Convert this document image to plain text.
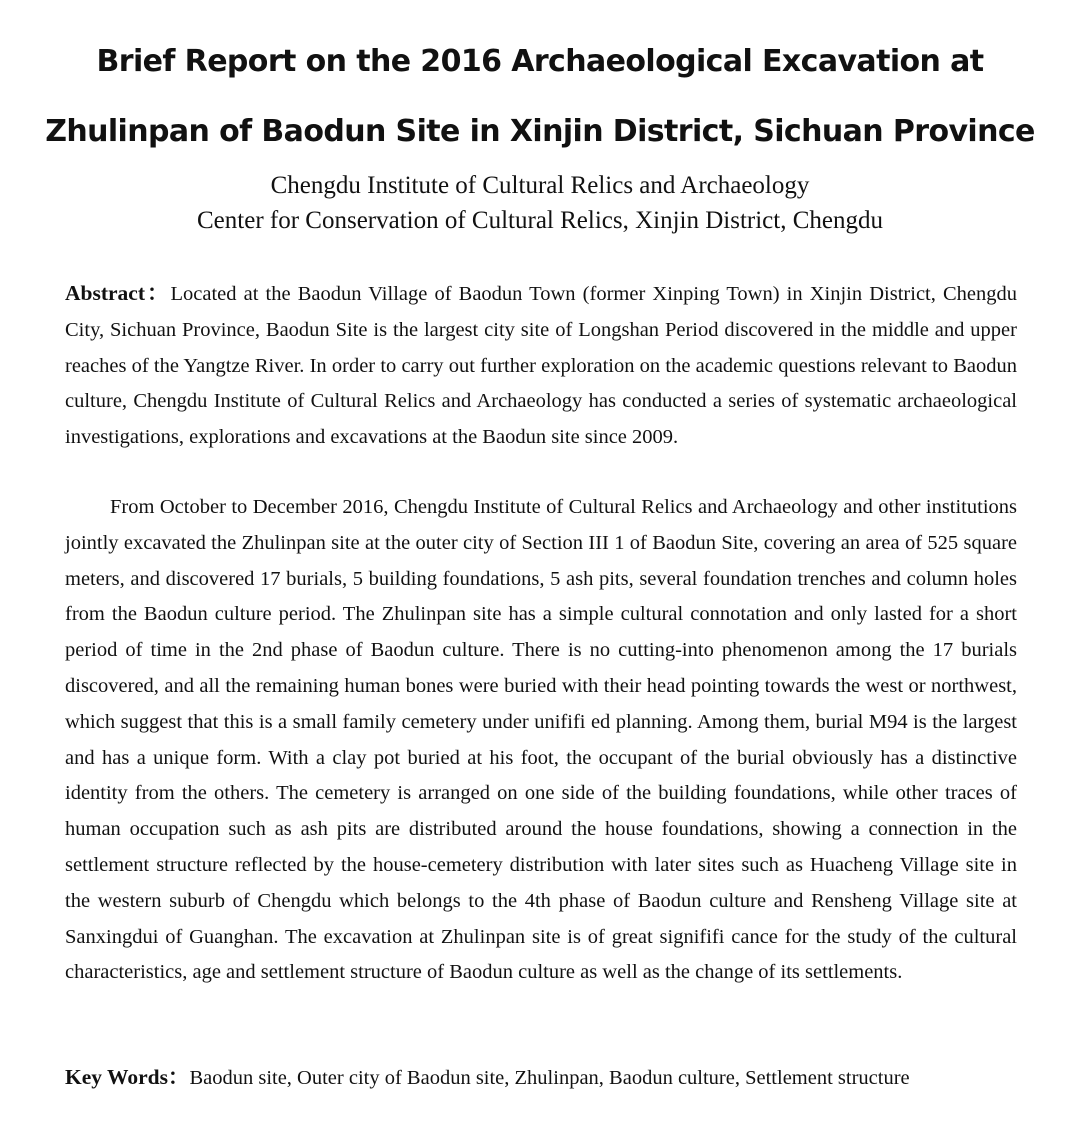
Brief Report on the 2016 Archaeological Excavation at
Zhulinpan of Baodun Site in Xinjin District, Sichuan Province
Chengdu Institute of Cultural Relics and Archaeology
Center for Conservation of Cultural Relics, Xinjin District, Chengdu
Abstract：Located at the Baodun Village of Baodun Town (former Xinping Town) in Xinjin District, Chengdu City, Sichuan Province, Baodun Site is the largest city site of Longshan Period discovered in the middle and upper reaches of the Yangtze River. In order to carry out further exploration on the academic questions relevant to Baodun culture, Chengdu Institute of Cultural Relics and Archaeology has conducted a series of systematic archaeological investigations, explorations and excavations at the Baodun site since 2009.
From October to December 2016, Chengdu Institute of Cultural Relics and Archaeology and other institutions jointly excavated the Zhulinpan site at the outer city of Section III 1 of Baodun Site, covering an area of 525 square meters, and discovered 17 burials, 5 building foundations, 5 ash pits, several foundation trenches and column holes from the Baodun culture period. The Zhulinpan site has a simple cultural connotation and only lasted for a short period of time in the 2nd phase of Baodun culture. There is no cutting-into phenomenon among the 17 burials discovered, and all the remaining human bones were buried with their head pointing towards the west or northwest, which suggest that this is a small family cemetery under unififi ed planning. Among them, burial M94 is the largest and has a unique form. With a clay pot buried at his foot, the occupant of the burial obviously has a distinctive identity from the others. The cemetery is arranged on one side of the building foundations, while other traces of human occupation such as ash pits are distributed around the house foundations, showing a connection in the settlement structure reflected by the house-cemetery distribution with later sites such as Huacheng Village site in the western suburb of Chengdu which belongs to the 4th phase of Baodun culture and Rensheng Village site at Sanxingdui of Guanghan. The excavation at Zhulinpan site is of great signififi cance for the study of the cultural characteristics, age and settlement structure of Baodun culture as well as the change of its settlements.
Key Words：Baodun site, Outer city of Baodun site, Zhulinpan, Baodun culture, Settlement structure
